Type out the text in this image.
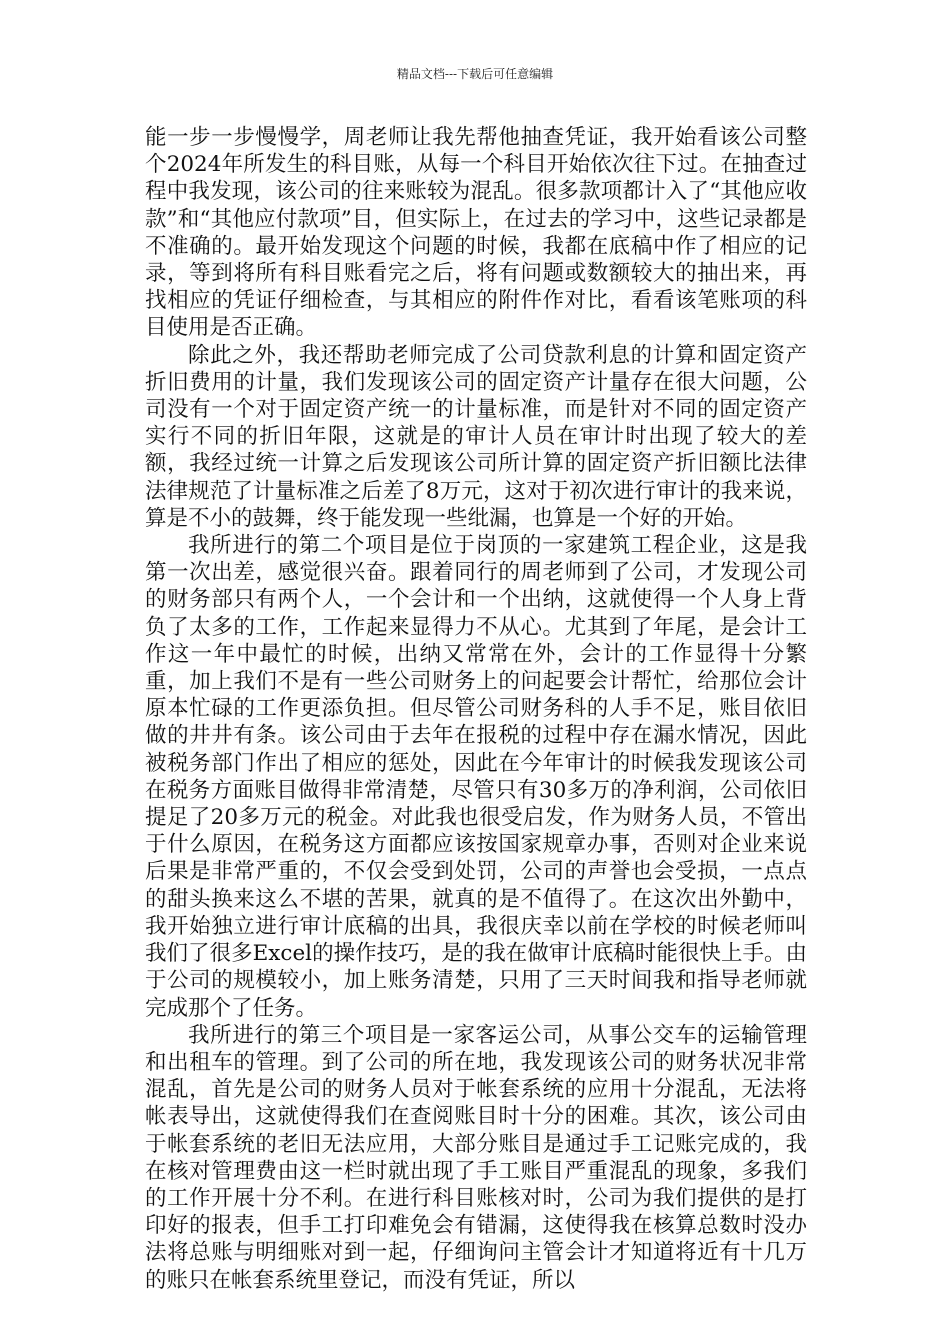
精品文档---下载后可任意编辑

能一步一步慢慢学，周老师让我先帮他抽查凭证，我开始看该公司整个2024年所发生的科目账，从每一个科目开始依次往下过。在抽查过程中我发现，该公司的往来账较为混乱。很多款项都计入了“其他应收款”和“其他应付款项”目，但实际上，在过去的学习中，这些记录都是不准确的。最开始发现这个问题的时候，我都在底稿中作了相应的记录，等到将所有科目账看完之后，将有问题或数额较大的抽出来，再找相应的凭证仔细检查，与其相应的附件作对比，看看该笔账项的科目使用是否正确。

除此之外，我还帮助老师完成了公司贷款利息的计算和固定资产折旧费用的计量，我们发现该公司的固定资产计量存在很大问题，公司没有一个对于固定资产统一的计量标准，而是针对不同的固定资产实行不同的折旧年限，这就是的审计人员在审计时出现了较大的差额，我经过统一计算之后发现该公司所计算的固定资产折旧额比法律法律规范了计量标准之后差了8万元，这对于初次进行审计的我来说，算是不小的鼓舞，终于能发现一些纰漏，也算是一个好的开始。

我所进行的第二个项目是位于岗顶的一家建筑工程企业，这是我第一次出差，感觉很兴奋。跟着同行的周老师到了公司，才发现公司的财务部只有两个人，一个会计和一个出纳，这就使得一个人身上背负了太多的工作，工作起来显得力不从心。尤其到了年尾，是会计工作这一年中最忙的时候，出纳又常常在外，会计的工作显得十分繁重，加上我们不是有一些公司财务上的问起要会计帮忙，给那位会计原本忙碌的工作更添负担。但尽管公司财务科的人手不足，账目依旧做的井井有条。该公司由于去年在报税的过程中存在漏水情况，因此被税务部门作出了相应的惩处，因此在今年审计的时候我发现该公司在税务方面账目做得非常清楚，尽管只有30多万的净利润，公司依旧提足了20多万元的税金。对此我也很受启发，作为财务人员，不管出于什么原因，在税务这方面都应该按国家规章办事，否则对企业来说后果是非常严重的，不仅会受到处罚，公司的声誉也会受损，一点点的甜头换来这么不堪的苦果，就真的是不值得了。在这次出外勤中，我开始独立进行审计底稿的出具，我很庆幸以前在学校的时候老师叫我们了很多Excel的操作技巧，是的我在做审计底稿时能很快上手。由于公司的规模较小，加上账务清楚，只用了三天时间我和指导老师就完成那个了任务。

我所进行的第三个项目是一家客运公司，从事公交车的运输管理和出租车的管理。到了公司的所在地，我发现该公司的财务状况非常混乱，首先是公司的财务人员对于帐套系统的应用十分混乱，无法将帐表导出，这就使得我们在查阅账目时十分的困难。其次，该公司由于帐套系统的老旧无法应用，大部分账目是通过手工记账完成的，我在核对管理费由这一栏时就出现了手工账目严重混乱的现象，多我们的工作开展十分不利。在进行科目账核对时，公司为我们提供的是打印好的报表，但手工打印难免会有错漏，这使得我在核算总数时没办法将总账与明细账对到一起，仔细询问主管会计才知道将近有十几万的账只在帐套系统里登记，而没有凭证，所以
